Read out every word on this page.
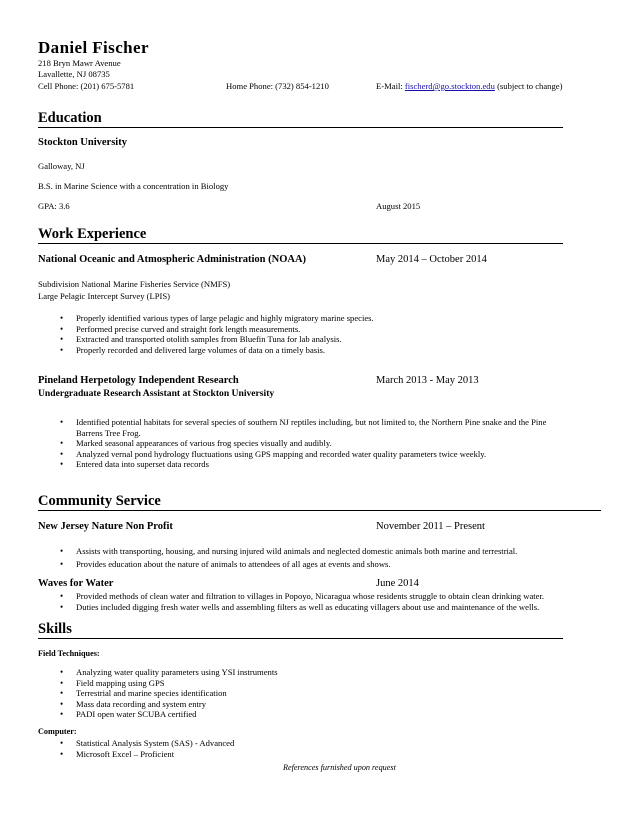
Daniel Fischer
218 Bryn Mawr Avenue
Lavallette, NJ 08735
Cell Phone: (201) 675-5781	Home Phone: (732) 854-1210	E-Mail: fischerd@go.stockton.edu (subject to change)
Education
Stockton University
Galloway, NJ
B.S. in Marine Science with a concentration in Biology
GPA: 3.6	August 2015
Work Experience
National Oceanic and Atmospheric Administration (NOAA)	May 2014 – October 2014
Subdivision National Marine Fisheries Service (NMFS)
Large Pelagic Intercept Survey (LPIS)
• Properly identified various types of large pelagic and highly migratory marine species.
• Performed precise curved and straight fork length measurements.
• Extracted and transported otolith samples from Bluefin Tuna for lab analysis.
• Properly recorded and delivered large volumes of data on a timely basis.
Pineland Herpetology Independent Research	March 2013 - May 2013
Undergraduate Research Assistant at Stockton University
• Identified potential habitats for several species of southern NJ reptiles including, but not limited to, the Northern Pine snake and the Pine
Barrens Tree Frog.
• Marked seasonal appearances of various frog species visually and audibly.
• Analyzed vernal pond hydrology fluctuations using GPS mapping and recorded water quality parameters twice weekly.
• Entered data into superset data records
Community Service
New Jersey Nature Non Profit	November 2011 – Present
• Assists with transporting, housing, and nursing injured wild animals and neglected domestic animals both marine and terrestrial.
• Provides education about the nature of animals to attendees of all ages at events and shows.
Waves for Water	June 2014
• Provided methods of clean water and filtration to villages in Popoyo, Nicaragua whose residents struggle to obtain clean drinking water.
• Duties included digging fresh water wells and assembling filters as well as educating villagers about use and maintenance of the wells.
Skills
Field Techniques:
• Analyzing water quality parameters using YSI instruments
• Field mapping using GPS
• Terrestrial and marine species identification
• Mass data recording and system entry
• PADI open water SCUBA certified
Computer:
• Statistical Analysis System (SAS) - Advanced
• Microsoft Excel – Proficient
References furnished upon request
